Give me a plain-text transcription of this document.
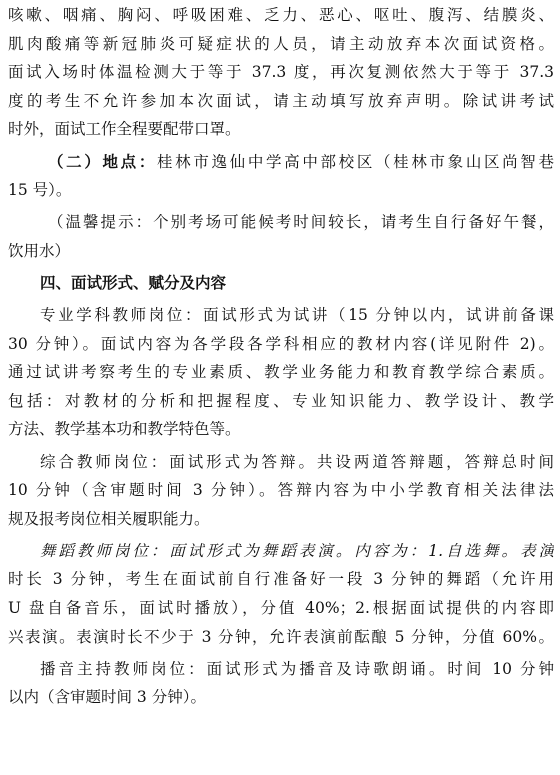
咳嗽、咽痛、胸闷、呼吸困难、乏力、恶心、呕吐、腹泻、结膜炎、
肌肉酸痛等新冠肺炎可疑症状的人员，请主动放弃本次面试资格。
面试入场时体温检测大于等于 37.3 度，再次复测依然大于等于 37.3
度的考生不允许参加本次面试，请主动填写放弃声明。除试讲考试
时外，面试工作全程要配带口罩。
（二）地点：桂林市逸仙中学高中部校区（桂林市象山区尚智巷
15 号）。
（温馨提示：个别考场可能候考时间较长，请考生自行备好午餐，
饮用水）
四、面试形式、赋分及内容
专业学科教师岗位：面试形式为试讲（15 分钟以内，试讲前备课
30 分钟）。面试内容为各学段各学科相应的教材内容(详见附件 2)。
通过试讲考察考生的专业素质、教学业务能力和教育教学综合素质。
包括：对教材的分析和把握程度、专业知识能力、教学设计、教学
方法、教学基本功和教学特色等。
综合教师岗位：面试形式为答辩。共设两道答辩题，答辩总时间
10 分钟（含审题时间 3 分钟）。答辩内容为中小学教育相关法律法
规及报考岗位相关履职能力。
舞蹈教师岗位：面试形式为舞蹈表演。内容为：1.自选舞。表演
时长 3 分钟，考生在面试前自行准备好一段 3 分钟的舞蹈（允许用
U 盘自备音乐，面试时播放），分值 40%；2.根据面试提供的内容即
兴表演。表演时长不少于 3 分钟，允许表演前酝酿 5 分钟，分值 60%。
播音主持教师岗位：面试形式为播音及诗歌朗诵。时间 10 分钟
以内（含审题时间 3 分钟）。
